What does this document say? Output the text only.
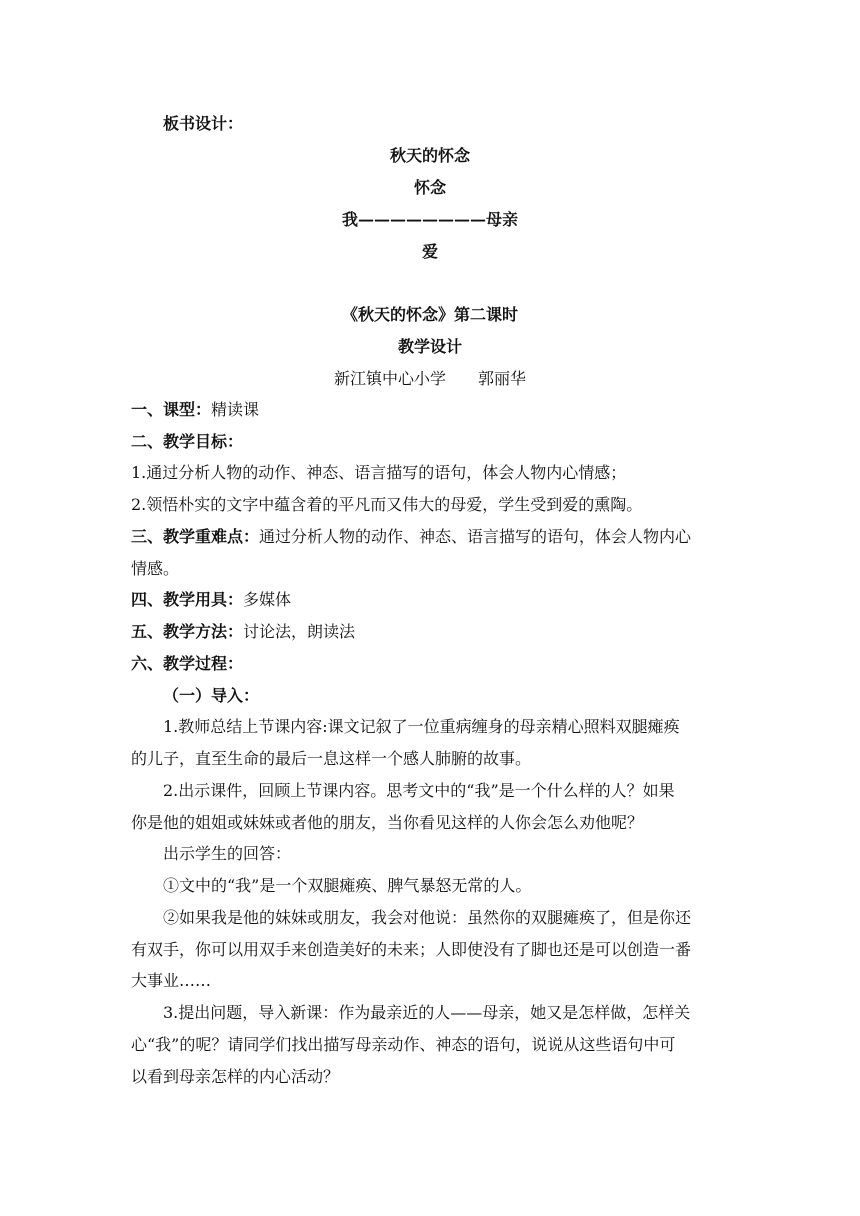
板书设计：
秋天的怀念
怀念
我————————母亲
爱
《秋天的怀念》第二课时
教学设计
新江镇中心小学　　郭丽华
一、课型：精读课
二、教学目标：
1.通过分析人物的动作、神态、语言描写的语句，体会人物内心情感；
2.领悟朴实的文字中蕴含着的平凡而又伟大的母爱，学生受到爱的熏陶。
三、教学重难点：通过分析人物的动作、神态、语言描写的语句，体会人物内心
情感。
四、教学用具：多媒体
五、教学方法：讨论法，朗读法
六、教学过程：
（一）导入：
1.教师总结上节课内容:课文记叙了一位重病缠身的母亲精心照料双腿瘫痪
的儿子，直至生命的最后一息这样一个感人肺腑的故事。
2.出示课件，回顾上节课内容。思考文中的“我”是一个什么样的人？如果
你是他的姐姐或妹妹或者他的朋友，当你看见这样的人你会怎么劝他呢？
出示学生的回答：
①文中的“我”是一个双腿瘫痪、脾气暴怒无常的人。
②如果我是他的妹妹或朋友，我会对他说：虽然你的双腿瘫痪了，但是你还
有双手，你可以用双手来创造美好的未来；人即使没有了脚也还是可以创造一番
大事业……
3.提出问题，导入新课：作为最亲近的人——母亲，她又是怎样做，怎样关
心“我”的呢？请同学们找出描写母亲动作、神态的语句，说说从这些语句中可
以看到母亲怎样的内心活动？
